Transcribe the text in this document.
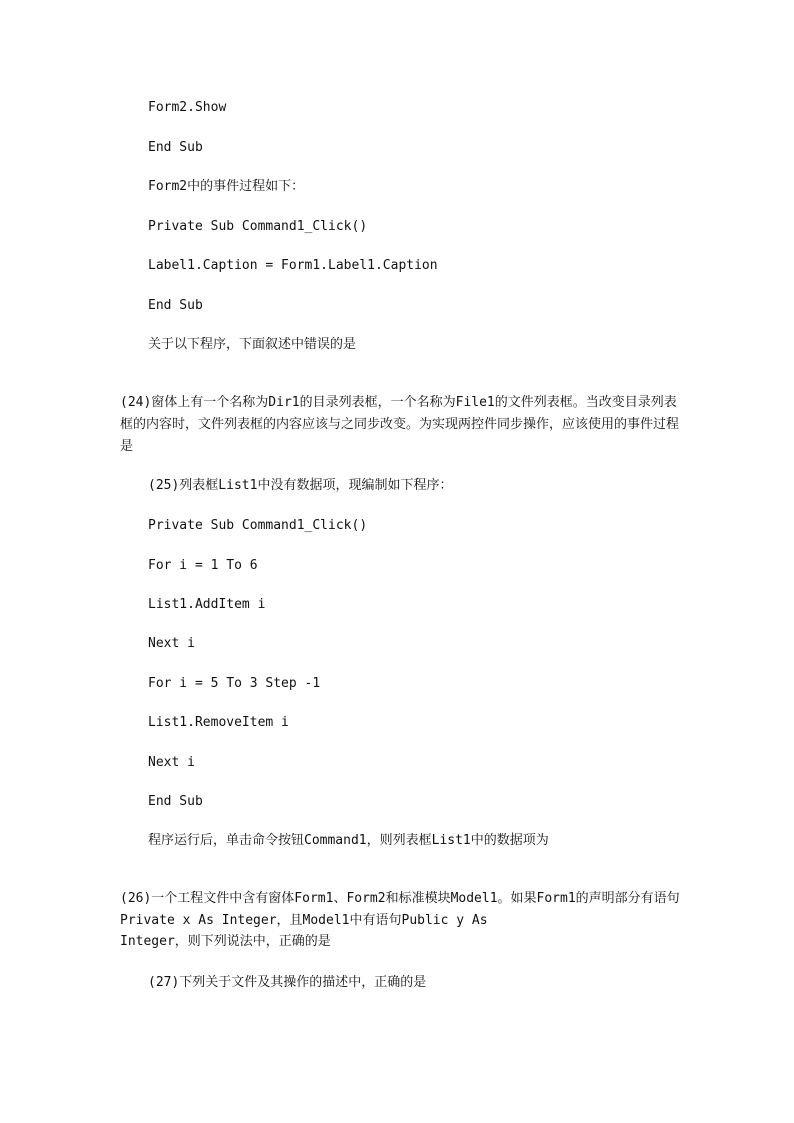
Form2.Show
End Sub
Form2中的事件过程如下：
Private Sub Command1_Click()
Label1.Caption = Form1.Label1.Caption
End Sub
关于以下程序，下面叙述中错误的是
(24)窗体上有一个名称为Dir1的目录列表框，一个名称为File1的文件列表框。当改变目录列表框的内容时，文件列表框的内容应该与之同步改变。为实现两控件同步操作，应该使用的事件过程是
(25)列表框List1中没有数据项，现编制如下程序：
Private Sub Command1_Click()
For i = 1 To 6
List1.AddItem i
Next i
For i = 5 To 3 Step -1
List1.RemoveItem i
Next i
End Sub
程序运行后，单击命令按钮Command1，则列表框List1中的数据项为
(26)一个工程文件中含有窗体Form1、Form2和标准模块Model1。如果Form1的声明部分有语句Private x As Integer，且Model1中有语句Public y As
Integer，则下列说法中，正确的是
(27)下列关于文件及其操作的描述中，正确的是
